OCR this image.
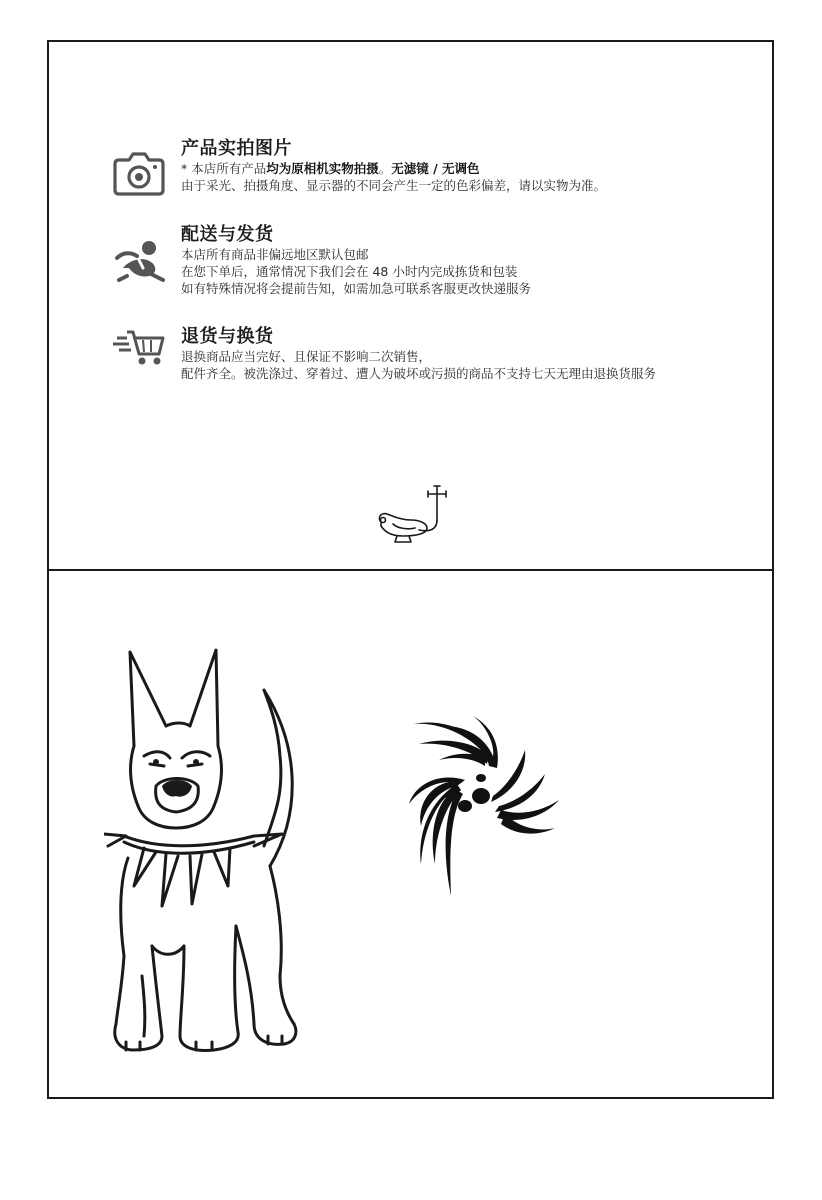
产品实拍图片
* 本店所有产品均为原相机实物拍摄。无滤镜 / 无调色
由于采光、拍摄角度、显示器的不同会产生一定的色彩偏差，请以实物为准。
配送与发货
本店所有商品非偏远地区默认包邮
在您下单后，通常情况下我们会在 48 小时内完成拣货和包装
如有特殊情况将会提前告知，如需加急可联系客服更改快递服务
退货与换货
退换商品应当完好、且保证不影响二次销售，
配件齐全。被洗涤过、穿着过、遭人为破坏或污损的商品不支持七天无理由退换货服务
